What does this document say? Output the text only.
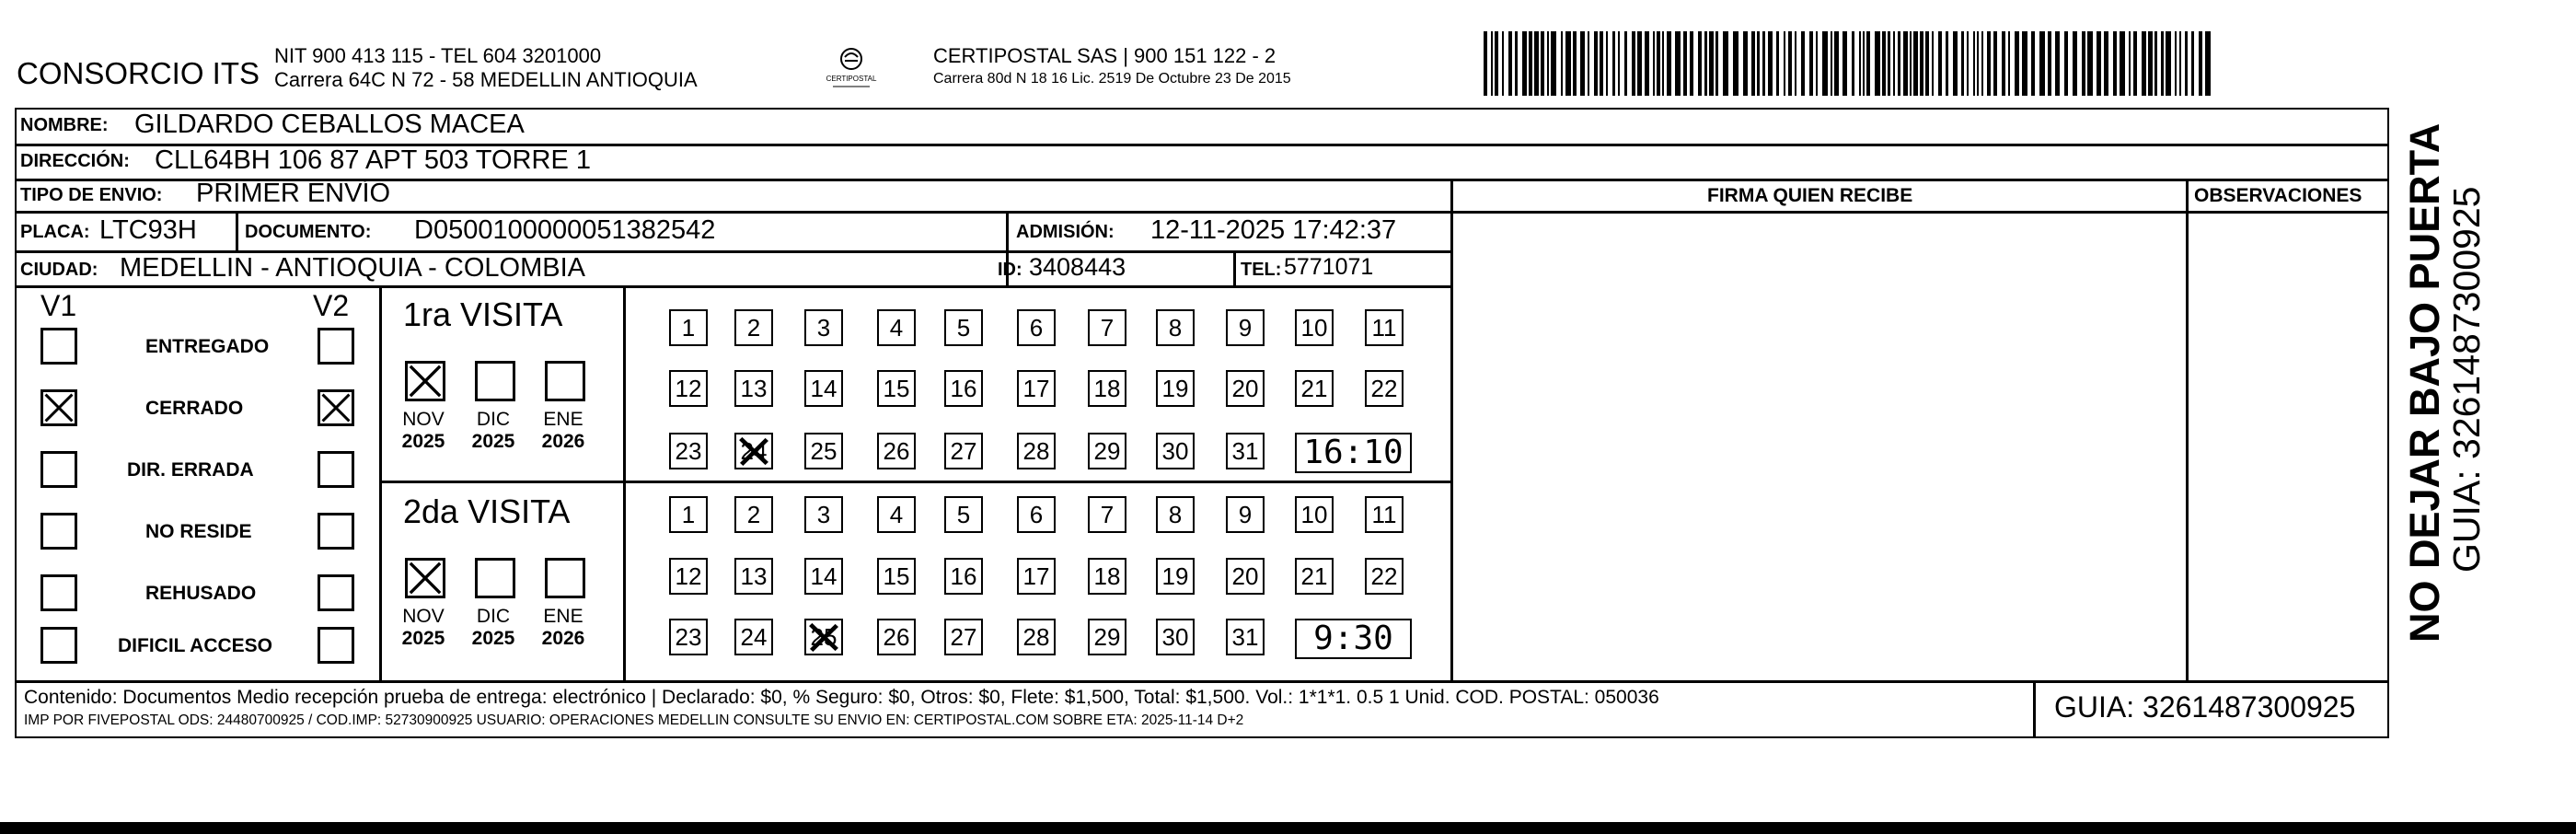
CONSORCIO ITS
NIT 900 413 115 - TEL 604 3201000
Carrera 64C N 72 - 58 MEDELLIN ANTIOQUIA	CERTIPOSTAL
CERTIPOSTAL SAS | 900 151 122 - 2
Carrera 80d N 18 16 Lic. 2519 De Octubre 23 De 2015
NOMBRE: GILDARDO CEBALLOS MACEA
DIRECCIÓN: CLL64BH 106 87 APT 503 TORRE 1
TIPO DE ENVIO: PRIMER ENVÍO	FIRMA QUIEN RECIBE	OBSERVACIONES
PLACA: LTC93H	DOCUMENTO: D0500100000051382542	ADMISIÓN: 12-11-2025 17:42:37
CIUDAD: MEDELLIN - ANTIOQUIA - COLOMBIA	ID: 3408443	TEL: 5771071
V1	V2
ENTREGADO
CERRADO
DIR. ERRADA
NO RESIDE
REHUSADO
DIFICIL ACCESO
1ra VISITA
NOV
2025
DIC
2025
ENE
2026
1	2	3	4	5	6	7	8	9	10 11
12 13 14 15 16 17 18 19 20 21 22
23 24 25 26 27 28 29 30 31 16:10
2da VISITA
NOV
2025
DIC
2025
ENE
2026
1	2	3	4	5	6	7	8	9	10 11
12 13 14 15 16 17 18 19 20 21 22
23 24 25 26 27 28 29 30 31	9:30
Contenido: Documentos Medio recepción prueba de entrega: electrónico | Declarado: $0, % Seguro: $0, Otros: $0, Flete: $1,500, Total: $1,500. Vol.: 1*1*1. 0.5 1 Unid. COD. POSTAL: 050036
IMP POR FIVEPOSTAL ODS: 24480700925 / COD.IMP: 52730900925 USUARIO: OPERACIONES MEDELLIN CONSULTE SU ENVIO EN: CERTIPOSTAL.COM SOBRE ETA: 2025-11-14 D+2	GUIA: 3261487300925
NO DEJAR BAJO PUERTA
GUIA: 3261487300925
